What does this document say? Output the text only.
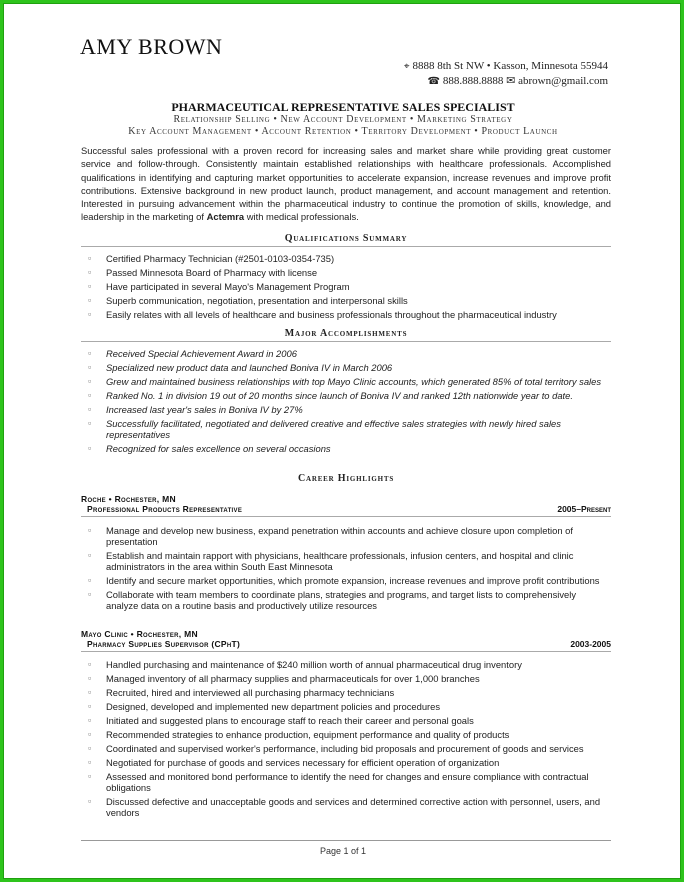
AMY BROWN
⌖ 8888 8th St NW • Kasson, Minnesota 55944
☎ 888.888.8888 ✉ abrown@gmail.com
PHARMACEUTICAL REPRESENTATIVE SALES SPECIALIST
Relationship Selling • New Account Development • Marketing Strategy
Key Account Management • Account Retention • Territory Development • Product Launch
Successful sales professional with a proven record for increasing sales and market share while providing great customer service and follow-through. Consistently maintain established relationships with healthcare professionals. Accomplished qualifications in identifying and capturing market opportunities to accelerate expansion, increase revenues and improve profit contributions. Extensive background in new product launch, product management, and account management and retention. Interested in pursuing advancement within the pharmaceutical industry to continue the promotion of skills, knowledge, and leadership in the marketing of Actemra with medical professionals.
Qualifications Summary
▫ Certified Pharmacy Technician (#2501-0103-0354-735)
▫ Passed Minnesota Board of Pharmacy with license
▫ Have participated in several Mayo's Management Program
▫ Superb communication, negotiation, presentation and interpersonal skills
▫ Easily relates with all levels of healthcare and business professionals throughout the pharmaceutical industry
Major Accomplishments
▫ Received Special Achievement Award in 2006
▫ Specialized new product data and launched Boniva IV in March 2006
▫ Grew and maintained business relationships with top Mayo Clinic accounts, which generated 85% of total territory sales
▫ Ranked No. 1 in division 19 out of 20 months since launch of Boniva IV and ranked 12th nationwide year to date.
▫ Increased last year's sales in Boniva IV by 27%
▫ Successfully facilitated, negotiated and delivered creative and effective sales strategies with newly hired sales representatives
▫ Recognized for sales excellence on several occasions
Career Highlights
Roche • Rochester, MN
Professional Products Representative	2005–Present
▫ Manage and develop new business, expand penetration within accounts and achieve closure upon completion of presentation
▫ Establish and maintain rapport with physicians, healthcare professionals, infusion centers, and hospital and clinic administrators in the area within South East Minnesota
▫ Identify and secure market opportunities, which promote expansion, increase revenues and improve profit contributions
▫ Collaborate with team members to coordinate plans, strategies and programs, and target lists to comprehensively analyze data on a routine basis and productively utilize resources
Mayo Clinic • Rochester, MN
Pharmacy Supplies Supervisor (CPhT)	2003-2005
▫ Handled purchasing and maintenance of $240 million worth of annual pharmaceutical drug inventory
▫ Managed inventory of all pharmacy supplies and pharmaceuticals for over 1,000 branches
▫ Recruited, hired and interviewed all purchasing pharmacy technicians
▫ Designed, developed and implemented new department policies and procedures
▫ Initiated and suggested plans to encourage staff to reach their career and personal goals
▫ Recommended strategies to enhance production, equipment performance and quality of products
▫ Coordinated and supervised worker's performance, including bid proposals and procurement of goods and services
▫ Negotiated for purchase of goods and services necessary for efficient operation of organization
▫ Assessed and monitored bond performance to identify the need for changes and ensure compliance with contractual obligations
▫ Discussed defective and unacceptable goods and services and determined corrective action with personnel, users, and vendors
Page 1 of 1
